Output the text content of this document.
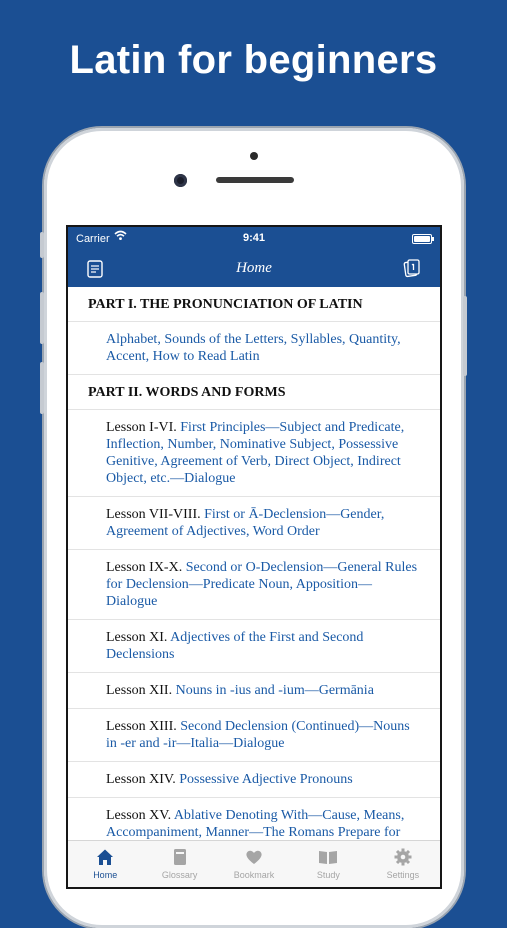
Latin for beginners
Carrier	9:41
Home
PART I. THE PRONUNCIATION OF LATIN
Alphabet, Sounds of the Letters, Syllables, Quantity, Accent, How to Read Latin
PART II. WORDS AND FORMS
Lesson I-VI. First Principles—Subject and Predicate, Inflection, Number, Nominative Subject, Possessive Genitive, Agreement of Verb, Direct Object, Indirect Object, etc.—Dialogue
Lesson VII-VIII. First or Ā-Declension—Gender, Agreement of Adjectives, Word Order
Lesson IX-X. Second or O-Declension—General Rules for Declension—Predicate Noun, Apposition—Dialogue
Lesson XI. Adjectives of the First and Second Declensions
Lesson XII. Nouns in -ius and -ium—Germānia
Lesson XIII. Second Declension (Continued)—Nouns in -er and -ir—Italia—Dialogue
Lesson XIV. Possessive Adjective Pronouns
Lesson XV. Ablative Denoting With—Cause, Means, Accompaniment, Manner—The Romans Prepare for
Home	Glossary	Bookmark	Study	Settings
